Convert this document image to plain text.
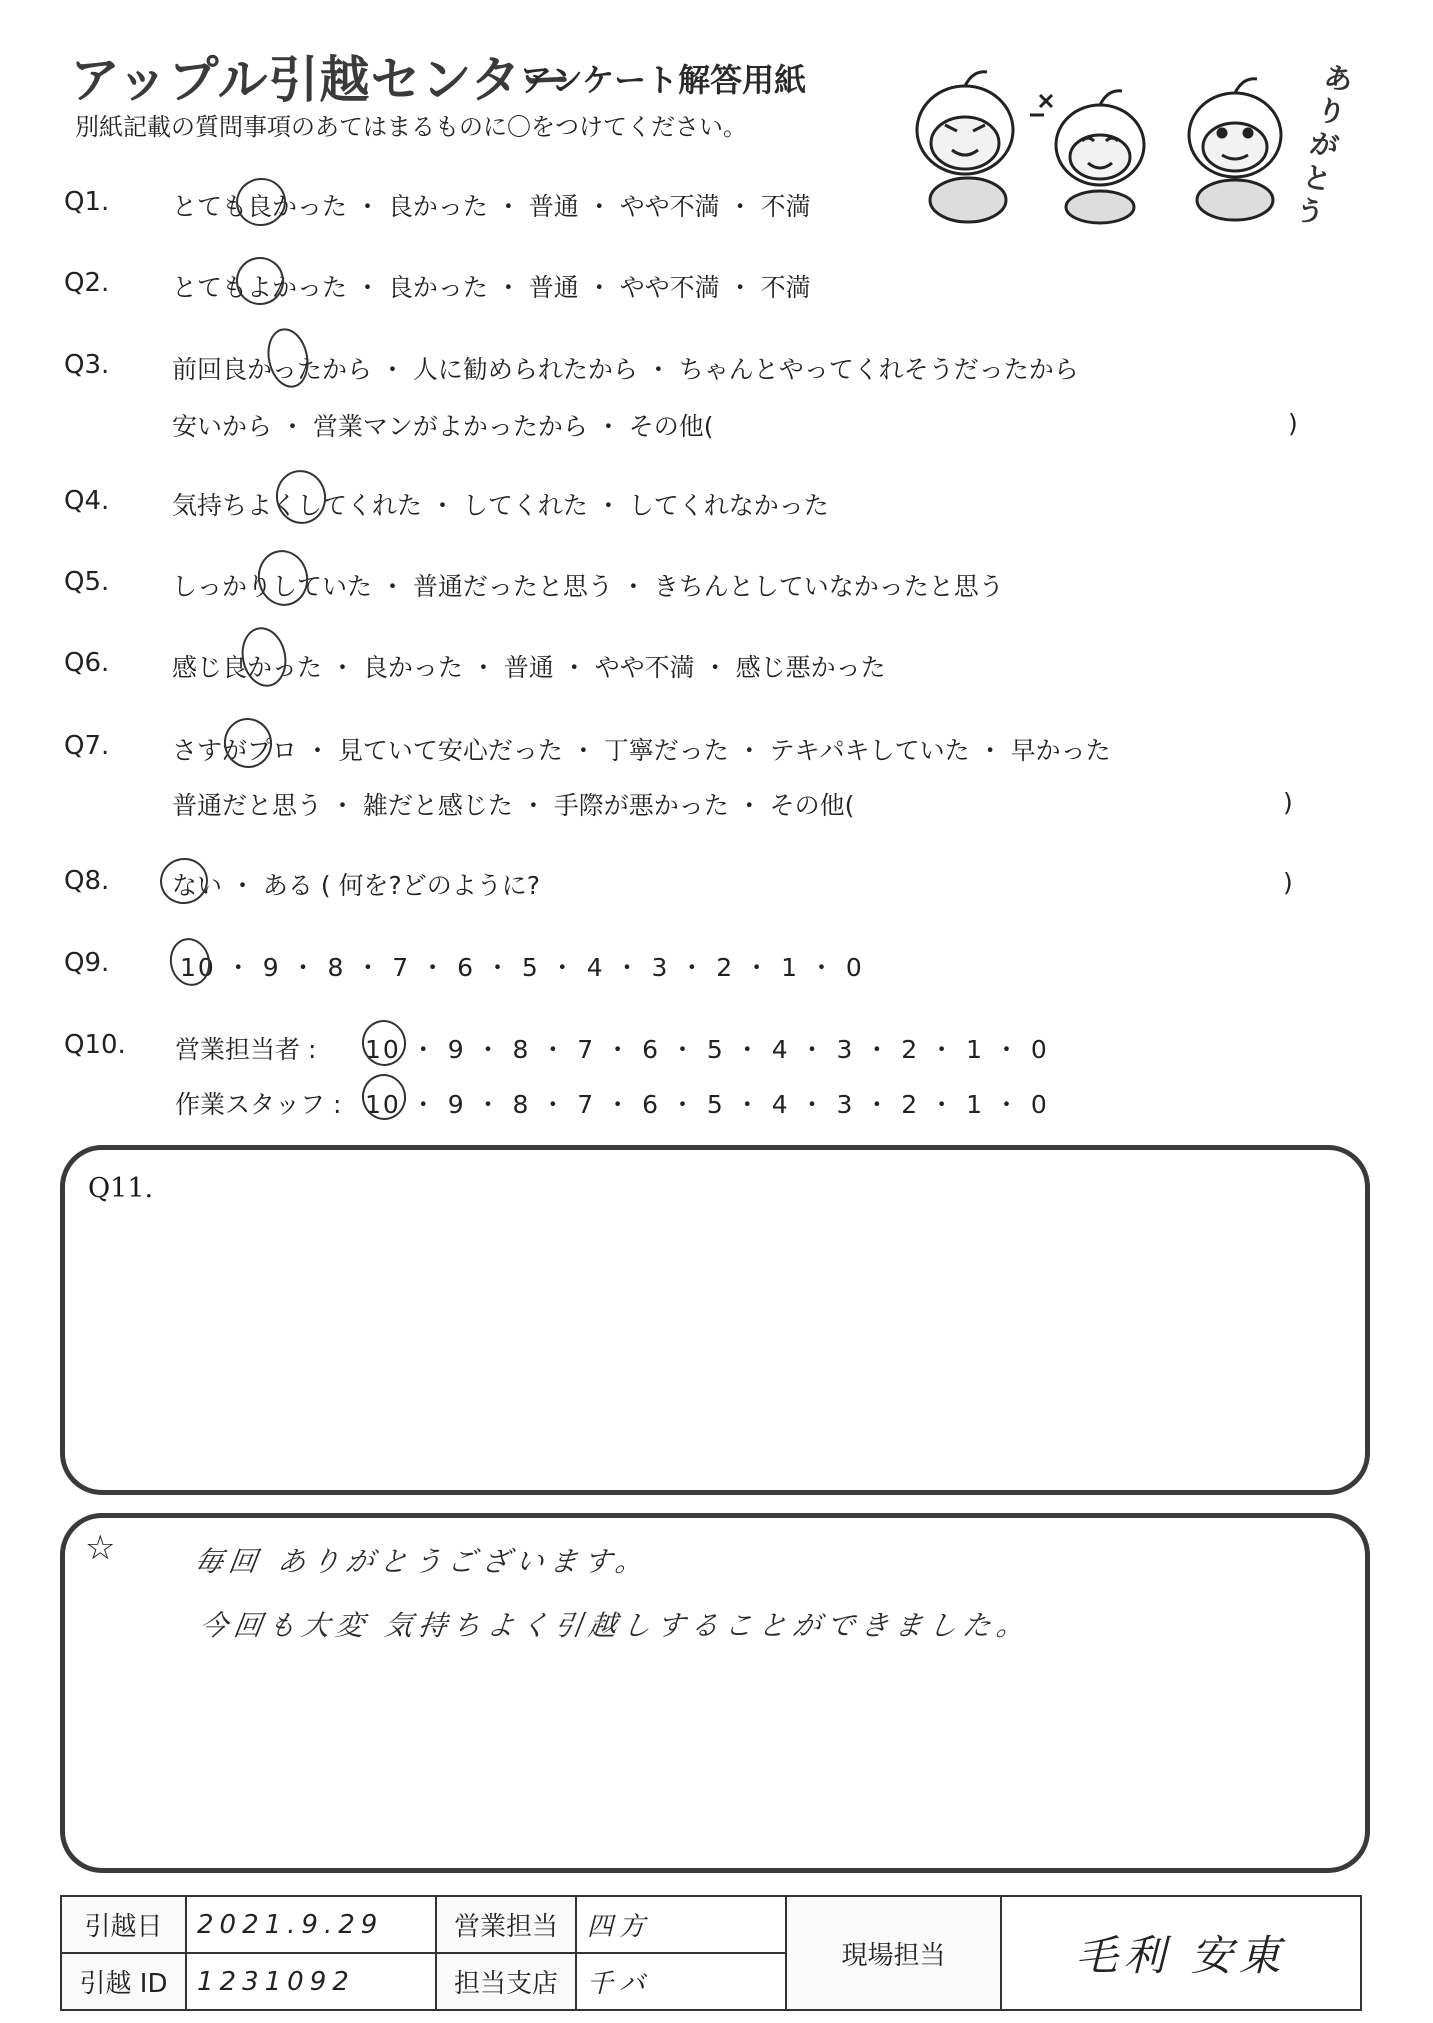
アップル引越センター
アンケート解答用紙
別紙記載の質問事項のあてはまるものに〇をつけてください。
ありがとう
Q1.	とても良かった ・ 良かった ・ 普通 ・ やや不満 ・ 不満
Q2.	とてもよかった ・ 良かった ・ 普通 ・ やや不満 ・ 不満
Q3.	前回良かったから ・ 人に勧められたから ・ ちゃんとやってくれそうだったから
安いから ・ 営業マンがよかったから ・ その他(	)
Q4.	気持ちよくしてくれた ・ してくれた ・ してくれなかった
Q5.	しっかりしていた ・ 普通だったと思う ・ きちんとしていなかったと思う
Q6.	感じ良かった ・ 良かった ・ 普通 ・ やや不満 ・ 感じ悪かった
Q7.	さすがプロ ・ 見ていて安心だった ・ 丁寧だった ・ テキパキしていた ・ 早かった
普通だと思う ・ 雑だと感じた ・ 手際が悪かった ・ その他(	)
Q8.	ない ・ ある ( 何を?どのように?	)
Q9.	10 ・ 9 ・ 8 ・ 7 ・ 6 ・ 5 ・ 4 ・ 3 ・ 2 ・ 1 ・ 0
Q10. 営業担当者 : 10 ・ 9 ・ 8 ・ 7 ・ 6 ・ 5 ・ 4 ・ 3 ・ 2 ・ 1 ・ 0
作業スタッフ : 10 ・ 9 ・ 8 ・ 7 ・ 6 ・ 5 ・ 4 ・ 3 ・ 2 ・ 1 ・ 0
Q11.
☆	毎回 ありがとうございます。
今回も大変 気持ちよく引越しすることができました。
引越日	2021.9.29	営業担当	四方	現場担当	毛利 安東
引越 ID	1231092	担当支店	千バ		
